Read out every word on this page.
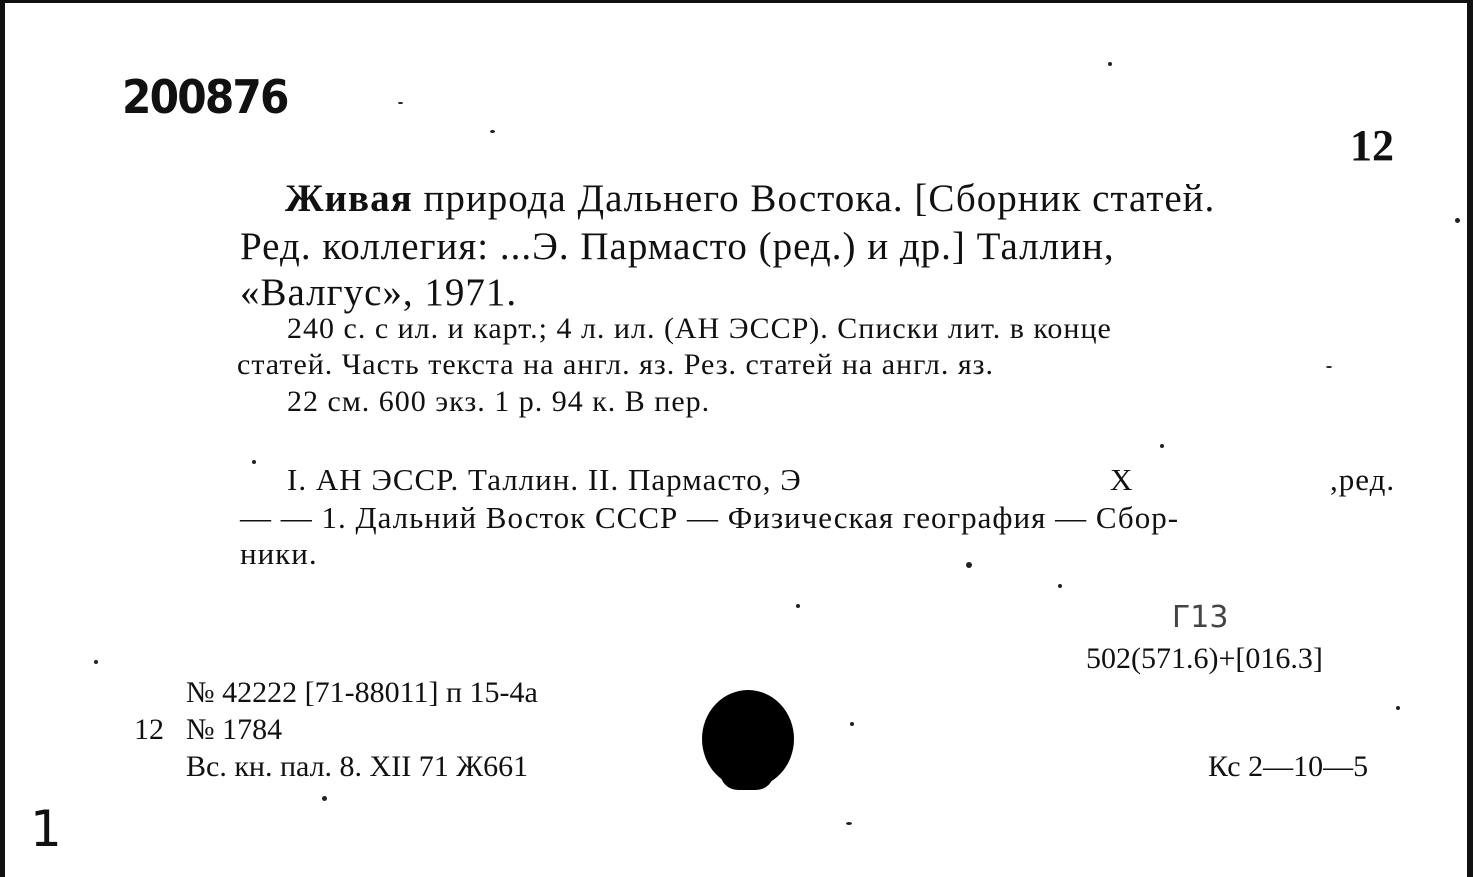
200876
12
Живая природа Дальнего Востока. [Сборник статей.
Ред. коллегия: ...Э. Пармасто (ред.) и др.] Таллин,
«Валгус», 1971.
240 с. с ил. и карт.; 4 л. ил. (АН ЭССР). Списки лит. в конце
статей. Часть текста на англ. яз. Рез. статей на англ. яз.
22 см. 600 экз. 1 р. 94 к. В пер.
I. АН ЭССР. Таллин. II. Пармасто, Э	Х	,ред.
— — 1. Дальний Восток СССР — Физическая география — Сбор-
ники.
Г13
502(571.6)+[016.3]
№ 42222 [71-88011] п 15-4а
12 № 1784
Вс. кн. пал. 8. XII 71 Ж661	Кс 2—10—5
1
